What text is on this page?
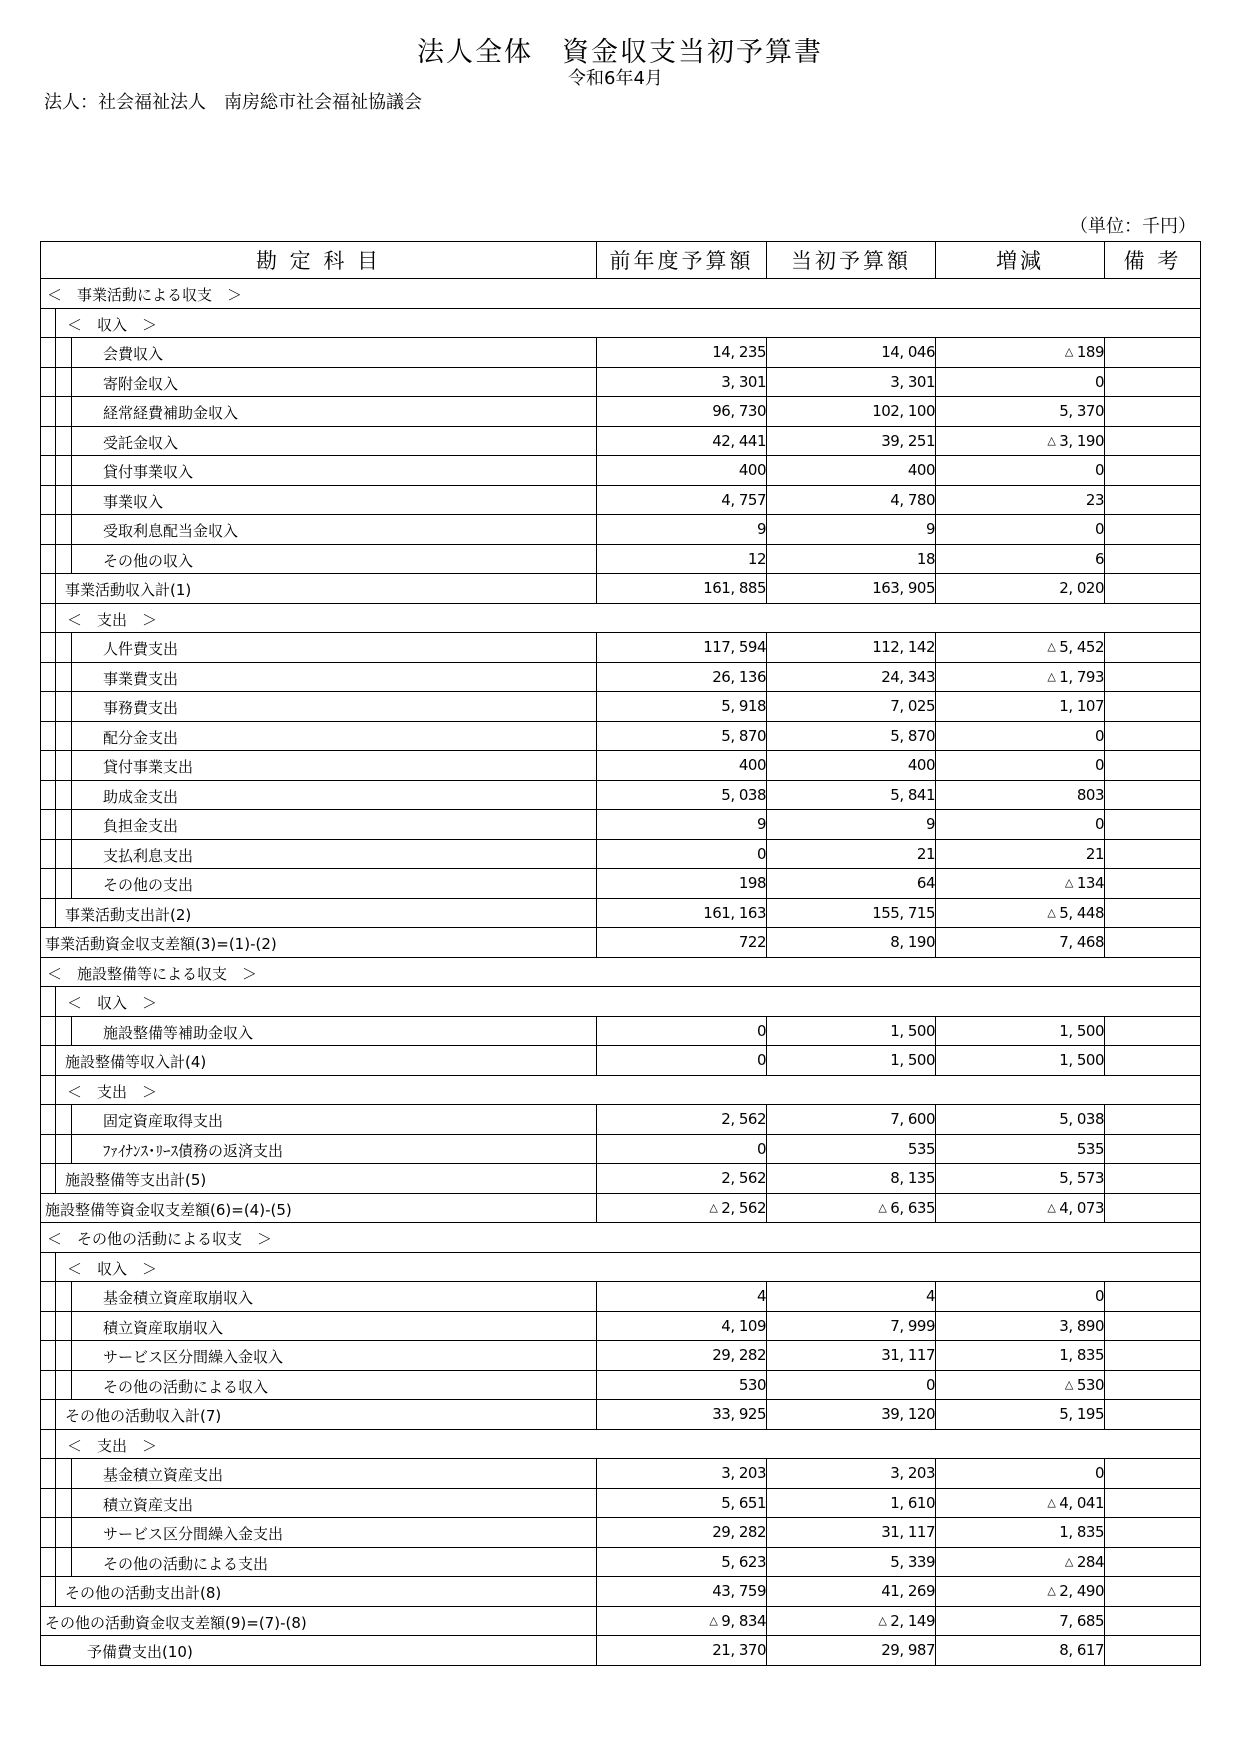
法人全体　資金収支当初予算書
令和6年4月
法人：社会福祉法人　南房総市社会福祉協議会
（単位：千円）
勘 定 科 目	前年度予算額	当初予算額	増減	備 考

＜　事業活動による収支　＞				

＜　収入　＞				

会費収入	14, 235	14, 046	△ 189	

寄附金収入	3, 301	3, 301	0	

経常経費補助金収入	96, 730	102, 100	5, 370	

受託金収入	42, 441	39, 251	△ 3, 190	

貸付事業収入	400	400	0	

事業収入	4, 757	4, 780	23	

受取利息配当金収入	9	9	0	

その他の収入	12	18	6	

事業活動収入計(1)	161, 885	163, 905	2, 020	

＜　支出　＞				

人件費支出	117, 594	112, 142	△ 5, 452	

事業費支出	26, 136	24, 343	△ 1, 793	

事務費支出	5, 918	7, 025	1, 107	

配分金支出	5, 870	5, 870	0	

貸付事業支出	400	400	0	

助成金支出	5, 038	5, 841	803	

負担金支出	9	9	0	

支払利息支出	0	21	21	

その他の支出	198	64	△ 134	

事業活動支出計(2)	161, 163	155, 715	△ 5, 448	

事業活動資金収支差額(3)=(1)-(2)	722	8, 190	7, 468	

＜　施設整備等による収支　＞				

＜　収入　＞				

施設整備等補助金収入	0	1, 500	1, 500	

施設整備等収入計(4)	0	1, 500	1, 500	

＜　支出　＞				

固定資産取得支出	2, 562	7, 600	5, 038	

ﾌｧｲﾅﾝｽ･ﾘｰｽ債務の返済支出	0	535	535	

施設整備等支出計(5)	2, 562	8, 135	5, 573	

施設整備等資金収支差額(6)=(4)-(5)	△ 2, 562	△ 6, 635	△ 4, 073	

＜　その他の活動による収支　＞				

＜　収入　＞				

基金積立資産取崩収入	4	4	0	

積立資産取崩収入	4, 109	7, 999	3, 890	

サービス区分間繰入金収入	29, 282	31, 117	1, 835	

その他の活動による収入	530	0	△ 530	

その他の活動収入計(7)	33, 925	39, 120	5, 195	

＜　支出　＞				

基金積立資産支出	3, 203	3, 203	0	

積立資産支出	5, 651	1, 610	△ 4, 041	

サービス区分間繰入金支出	29, 282	31, 117	1, 835	

その他の活動による支出	5, 623	5, 339	△ 284	

その他の活動支出計(8)	43, 759	41, 269	△ 2, 490	

その他の活動資金収支差額(9)=(7)-(8)	△ 9, 834	△ 2, 149	7, 685	

予備費支出(10)	21, 370	29, 987	8, 617	
